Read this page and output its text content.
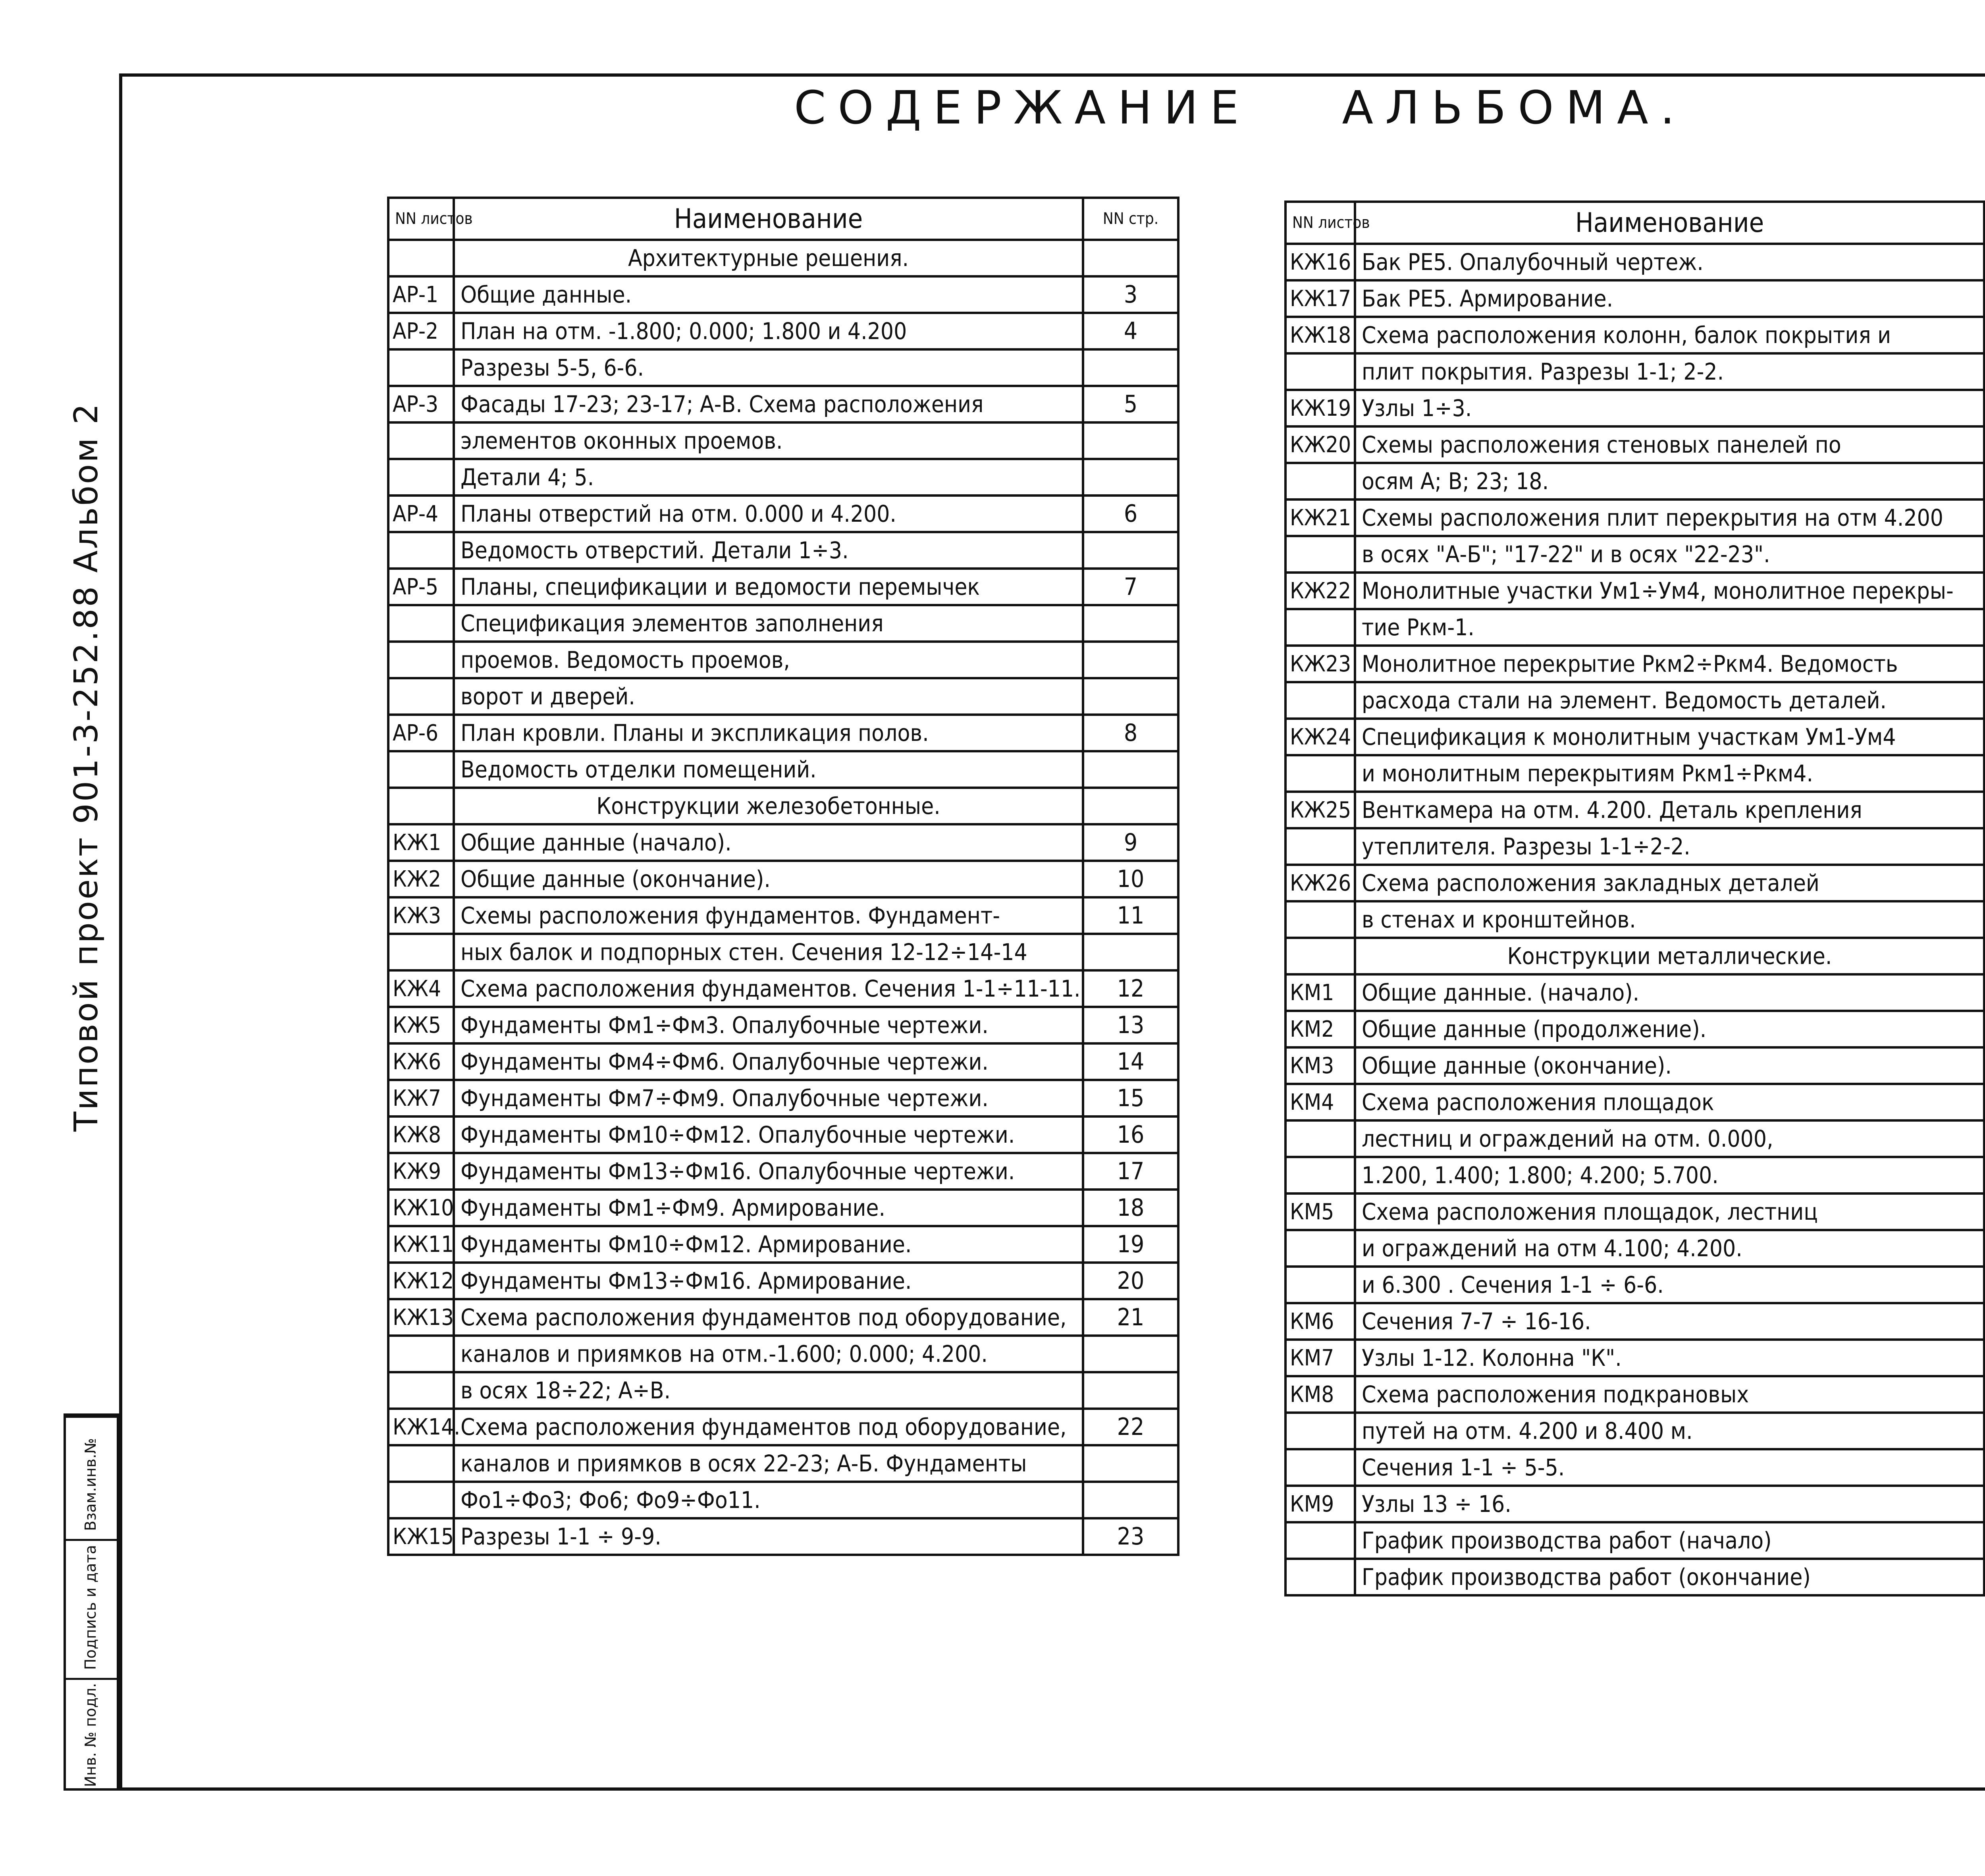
СОДЕРЖАНИЕ АЛЬБОМА.
Типовой проект 901-3-252.88 Альбом 2
Инв. № подл.
Подпись и дата
Взам.инв.№
NN листов	Наименование	NN стр.
	Архитектурные решения.	
АР-1	Общие данные.	3
АР-2	План на отм. -1.800; 0.000; 1.800 и 4.200	4
	Разрезы 5-5, 6-6.	
АР-3	Фасады 17-23; 23-17; А-В. Схема расположения	5
	элементов оконных проемов.	
	Детали 4; 5.	
АР-4	Планы отверстий на отм. 0.000 и 4.200.	6
	Ведомость отверстий. Детали 1÷3.	
АР-5	Планы, спецификации и ведомости перемычек	7
	Спецификация элементов заполнения	
	проемов. Ведомость проемов,	
	ворот и дверей.	
АР-6	План кровли. Планы и экспликация полов.	8
	Ведомость отделки помещений.	
	Конструкции железобетонные.	
КЖ1	Общие данные (начало).	9
КЖ2	Общие данные (окончание).	10
КЖ3	Схемы расположения фундаментов. Фундамент-	11
	ных балок и подпорных стен. Сечения 12-12÷14-14	
КЖ4	Схема расположения фундаментов. Сечения 1-1÷11-11.	12
КЖ5	Фундаменты Фм1÷Фм3. Опалубочные чертежи.	13
КЖ6	Фундаменты Фм4÷Фм6. Опалубочные чертежи.	14
КЖ7	Фундаменты Фм7÷Фм9. Опалубочные чертежи.	15
КЖ8	Фундаменты Фм10÷Фм12. Опалубочные чертежи.	16
КЖ9	Фундаменты Фм13÷Фм16. Опалубочные чертежи.	17
КЖ10	Фундаменты Фм1÷Фм9. Армирование.	18
КЖ11	Фундаменты Фм10÷Фм12. Армирование.	19
КЖ12	Фундаменты Фм13÷Фм16. Армирование.	20
КЖ13	Схема расположения фундаментов под оборудование,	21
	каналов и приямков на отм.-1.600; 0.000; 4.200.	
	в осях 18÷22; А÷В.	
КЖ14.	Схема расположения фундаментов под оборудование,	22
	каналов и приямков в осях 22-23; А-Б. Фундаменты	
	Фо1÷Фо3; Фо6; Фо9÷Фо11.	
КЖ15	Разрезы 1-1 ÷ 9-9.	23
NN листов	Наименование	
КЖ16	Бак РЕ5. Опалубочный чертеж.	
КЖ17	Бак РЕ5. Армирование.	
КЖ18	Схема расположения колонн, балок покрытия и	
	плит покрытия. Разрезы 1-1; 2-2.	
КЖ19	Узлы 1÷3.	
КЖ20	Схемы расположения стеновых панелей по	
	осям А; В; 23; 18.	
КЖ21	Схемы расположения плит перекрытия на отм 4.200	
	в осях "А-Б"; "17-22" и в осях "22-23".	
КЖ22	Монолитные участки Ум1÷Ум4, монолитное перекры-	
	тие Ркм-1.	
КЖ23	Монолитное перекрытие Ркм2÷Ркм4. Ведомость	
	расхода стали на элемент. Ведомость деталей.	
КЖ24	Спецификация к монолитным участкам Ум1-Ум4	
	и монолитным перекрытиям Ркм1÷Ркм4.	
КЖ25	Венткамера на отм. 4.200. Деталь крепления	
	утеплителя. Разрезы 1-1÷2-2.	
КЖ26	Схема расположения закладных деталей	
	в стенах и кронштейнов.	
	Конструкции металлические.	
КМ1	Общие данные. (начало).	
КМ2	Общие данные (продолжение).	
КМ3	Общие данные (окончание).	
КМ4	Схема расположения площадок	
	лестниц и ограждений на отм. 0.000,	
	1.200, 1.400; 1.800; 4.200; 5.700.	
КМ5	Схема расположения площадок, лестниц	
	и ограждений на отм 4.100; 4.200.	
	и 6.300 . Сечения 1-1 ÷ 6-6.	
КМ6	Сечения 7-7 ÷ 16-16.	
КМ7	Узлы 1-12. Колонна "К".	
КМ8	Схема расположения подкрановых	
	путей на отм. 4.200 и 8.400 м.	
	Сечения 1-1 ÷ 5-5.	
КМ9	Узлы 13 ÷ 16.	
	График производства работ (начало)	
	График производства работ (окончание)	
